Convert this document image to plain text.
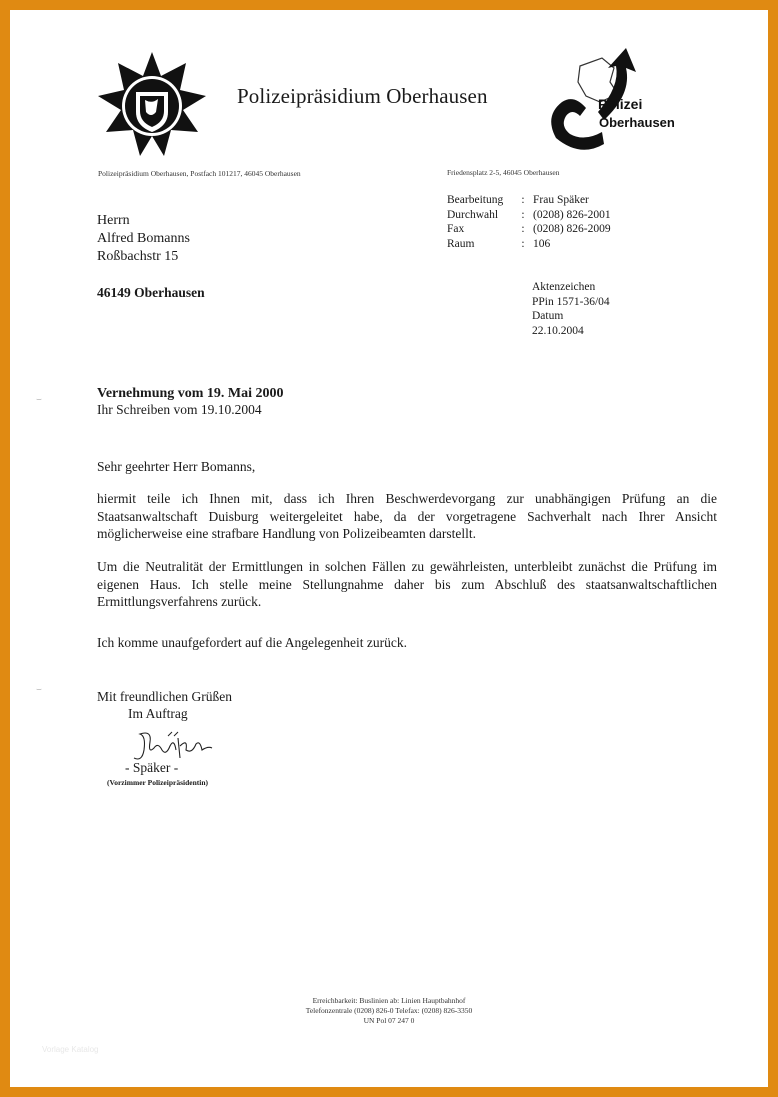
Polizeipräsidium Oberhausen	Polizei
Oberhausen
Polizeipräsidium Oberhausen, Postfach 101217, 46045 Oberhausen	Friedensplatz 2-5, 46045 Oberhausen
Bearbeitung	:	Frau Späker
Durchwahl	:	(0208) 826-2001
Fax	:	(0208) 826-2009
Raum	:	106
Herrn
Alfred Bomanns
Roßbachstr 15
46149 Oberhausen	Aktenzeichen
PPin 1571-36/04
Datum
22.10.2004
⌣
⌣
Vernehmung vom 19. Mai 2000
Ihr Schreiben vom 19.10.2004
Sehr geehrter Herr Bomanns,
hiermit teile ich Ihnen mit, dass ich Ihren Beschwerdevorgang zur unabhängigen Prüfung an die Staatsanwaltschaft Duisburg weitergeleitet habe, da der vorgetragene Sachverhalt nach Ihrer Ansicht möglicherweise eine strafbare Handlung von Polizeibeamten darstellt.
Um die Neutralität der Ermittlungen in solchen Fällen zu gewährleisten, unterbleibt zunächst die Prüfung im eigenen Haus. Ich stelle meine Stellungnahme daher bis zum Abschluß des staatsanwaltschaftlichen Ermittlungsverfahrens zurück.
Ich komme unaufgefordert auf die Angelegenheit zurück.
Mit freundlichen Grüßen
Im Auftrag
- Späker -
(Vorzimmer Polizeipräsidentin)
Erreichbarkeit: Buslinien ab: Linien Hauptbahnhof
Telefonzentrale (0208) 826-0 Telefax: (0208) 826-3350
UN Pol 07 247 0
Vorlage Katalog
